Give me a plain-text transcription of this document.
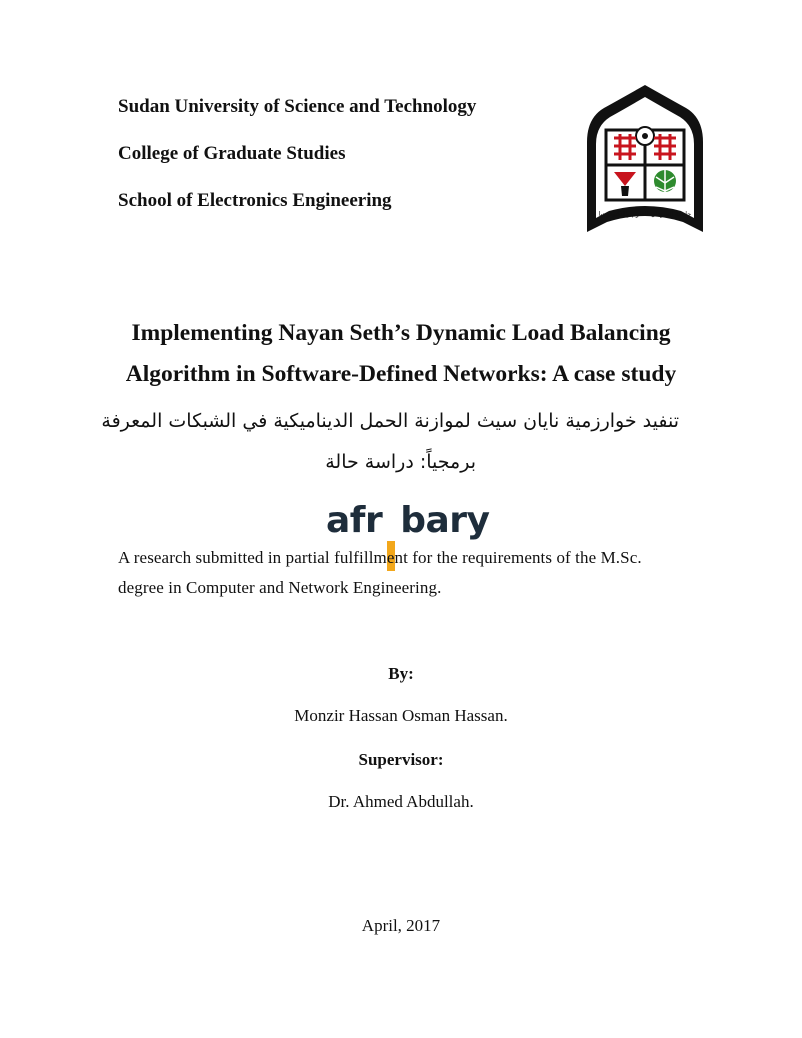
Sudan University of Science and Technology
College of Graduate Studies
School of Electronics Engineering
جامعة السودان للعلوم والتكنولوجيا
Implementing Nayan Seth’s Dynamic Load Balancing
Algorithm in Software-Defined Networks: A case study
تنفيد خوارزمية نايان سيث لموازنة الحمل الديناميكية في الشبكات المعرفة
برمجياً: دراسة حالة
afr bary
A research submitted in partial fulfillment for the requirements of the M.Sc.
degree in Computer and Network Engineering.
By:
Monzir Hassan Osman Hassan.
Supervisor:
Dr. Ahmed Abdullah.
April, 2017
